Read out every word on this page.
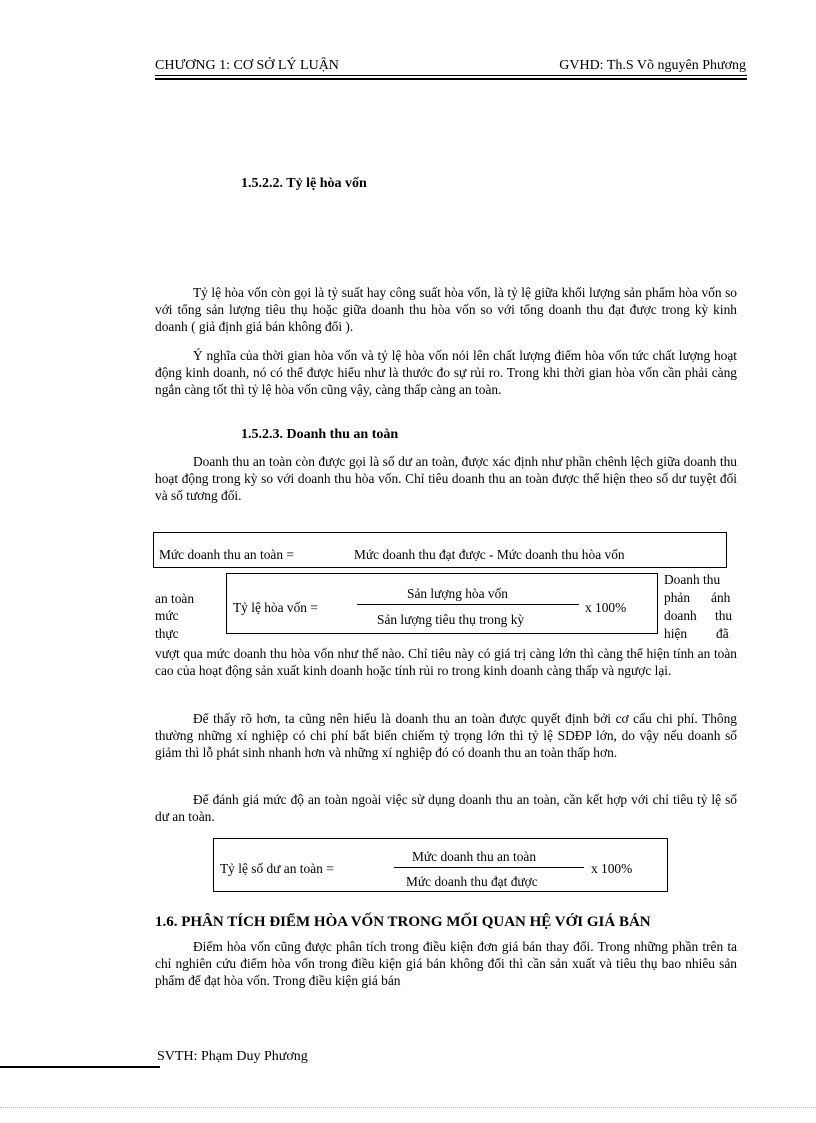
CHƯƠNG 1: CƠ SỞ LÝ LUẬN	GVHD: Th.S Võ nguyên Phương
1.5.2.2. Tỷ lệ hòa vốn

Tỷ lệ hòa vốn còn gọi là tỷ suất hay công suất hòa vốn, là tỷ lệ giữa khối lượng sản phẩm hòa vốn so với tổng sản lượng tiêu thụ hoặc giữa doanh thu hòa vốn so với tổng doanh thu đạt được trong kỳ kinh doanh ( giả định giá bán không đổi ).

Ý nghĩa của thời gian hòa vốn và tỷ lệ hòa vốn nói lên chất lượng điểm hòa vốn tức chất lượng hoạt động kinh doanh, nó có thể được hiểu như là thước đo sự rủi ro. Trong khi thời gian hòa vốn cần phải càng ngắn càng tốt thì tỷ lệ hòa vốn cũng vậy, càng thấp càng an toàn.

1.5.2.3. Doanh thu an toàn

Doanh thu an toàn còn được gọi là số dư an toàn, được xác định như phần chênh lệch giữa doanh thu hoạt động trong kỳ so với doanh thu hòa vốn. Chỉ tiêu doanh thu an toàn được thể hiện theo số dư tuyệt đối và số tương đối.

Mức doanh thu an toàn =	Mức doanh thu đạt được - Mức doanh thu hòa vốn
an toàn
mức
thực
Doanh thu
phản ánh
doanh thu
hiện đã
Tỷ lệ hòa vốn =
Sản lượng hòa vốn
Sản lượng tiêu thụ trong kỳ
x 100%

vượt qua mức doanh thu hòa vốn như thế nào. Chỉ tiêu này có giá trị càng lớn thì càng thể hiện tính an toàn cao của hoạt động sản xuất kinh doanh hoặc tính rủi ro trong kinh doanh càng thấp và ngược lại.

Để thấy rõ hơn, ta cũng nên hiểu là doanh thu an toàn được quyết định bởi cơ cấu chi phí. Thông thường những xí nghiệp có chi phí bất biến chiếm tỷ trọng lớn thì tỷ lệ SDĐP lớn, do vậy nếu doanh số giảm thì lỗ phát sinh nhanh hơn và những xí nghiệp đó có doanh thu an toàn thấp hơn.

Để đánh giá mức độ an toàn ngoài việc sử dụng doanh thu an toàn, cần kết hợp với chỉ tiêu tỷ lệ số dư an toàn.

Tỷ lệ số dư an toàn =
Mức doanh thu an toàn
Mức doanh thu đạt được
x 100%
1.6. PHÂN TÍCH ĐIỂM HÒA VỐN TRONG MỐI QUAN HỆ VỚI GIÁ BÁN

Điểm hòa vốn cũng được phân tích trong điều kiện đơn giá bán thay đổi. Trong những phần trên ta chỉ nghiên cứu điểm hòa vốn trong điều kiện giá bán không đổi thì cần sản xuất và tiêu thụ bao nhiêu sản phẩm để đạt hòa vốn. Trong điều kiện giá bán

SVTH: Phạm Duy Phương
